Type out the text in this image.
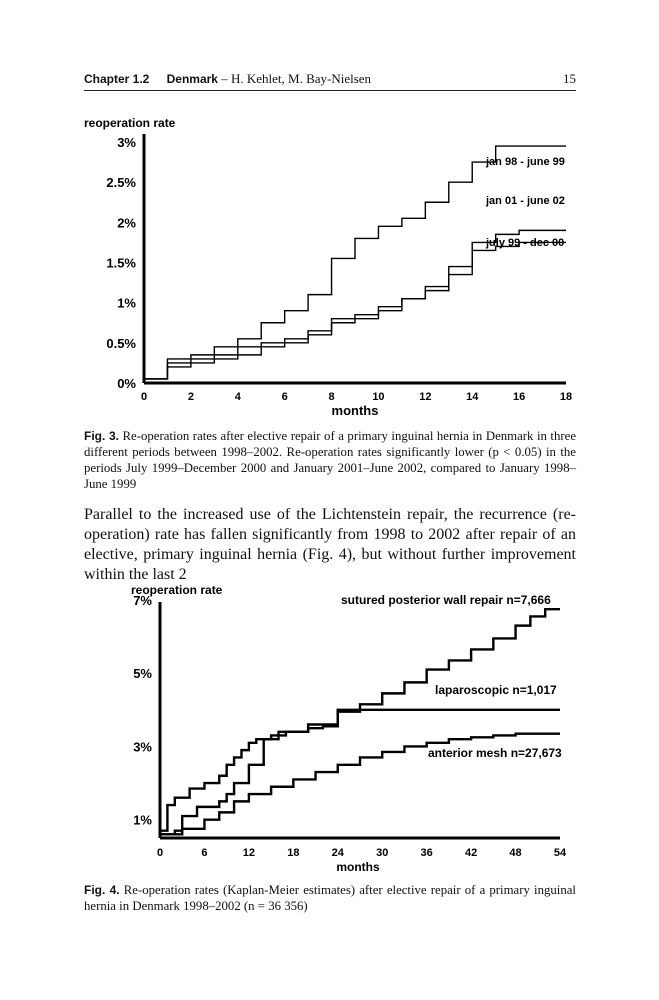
Chapter 1.2 Denmark – H. Kehlet, M. Bay-Nielsen	15
reoperation rate
0%
0.5%
1%
1.5%
2%
2.5%
3%
0	2	4	6	8	10	12	14	16	18
months
jan 98 - june 99
july 99 - dec 00
jan 01 - june 02
Fig. 3. Re-operation rates after elective repair of a primary inguinal hernia in Denmark in three different periods between 1998–2002. Re-operation rates significantly lower (p < 0.05) in the periods July 1999–December 2000 and January 2001–June 2002, compared to January 1998–June 1999
Parallel to the increased use of the Lichtenstein repair, the recurrence (re-operation) rate has fallen significantly from 1998 to 2002 after repair of an elective, primary inguinal hernia (Fig. 4), but without further improvement within the last 2
reoperation rate
1%
3%
5%
7%
0	6	12	18	24	30	36	42	48	54
months
sutured posterior wall repair n=7,666
laparoscopic n=1,017
anterior mesh n=27,673
Fig. 4. Re-operation rates (Kaplan-Meier estimates) after elective repair of a primary inguinal hernia in Denmark 1998–2002 (n = 36 356)
